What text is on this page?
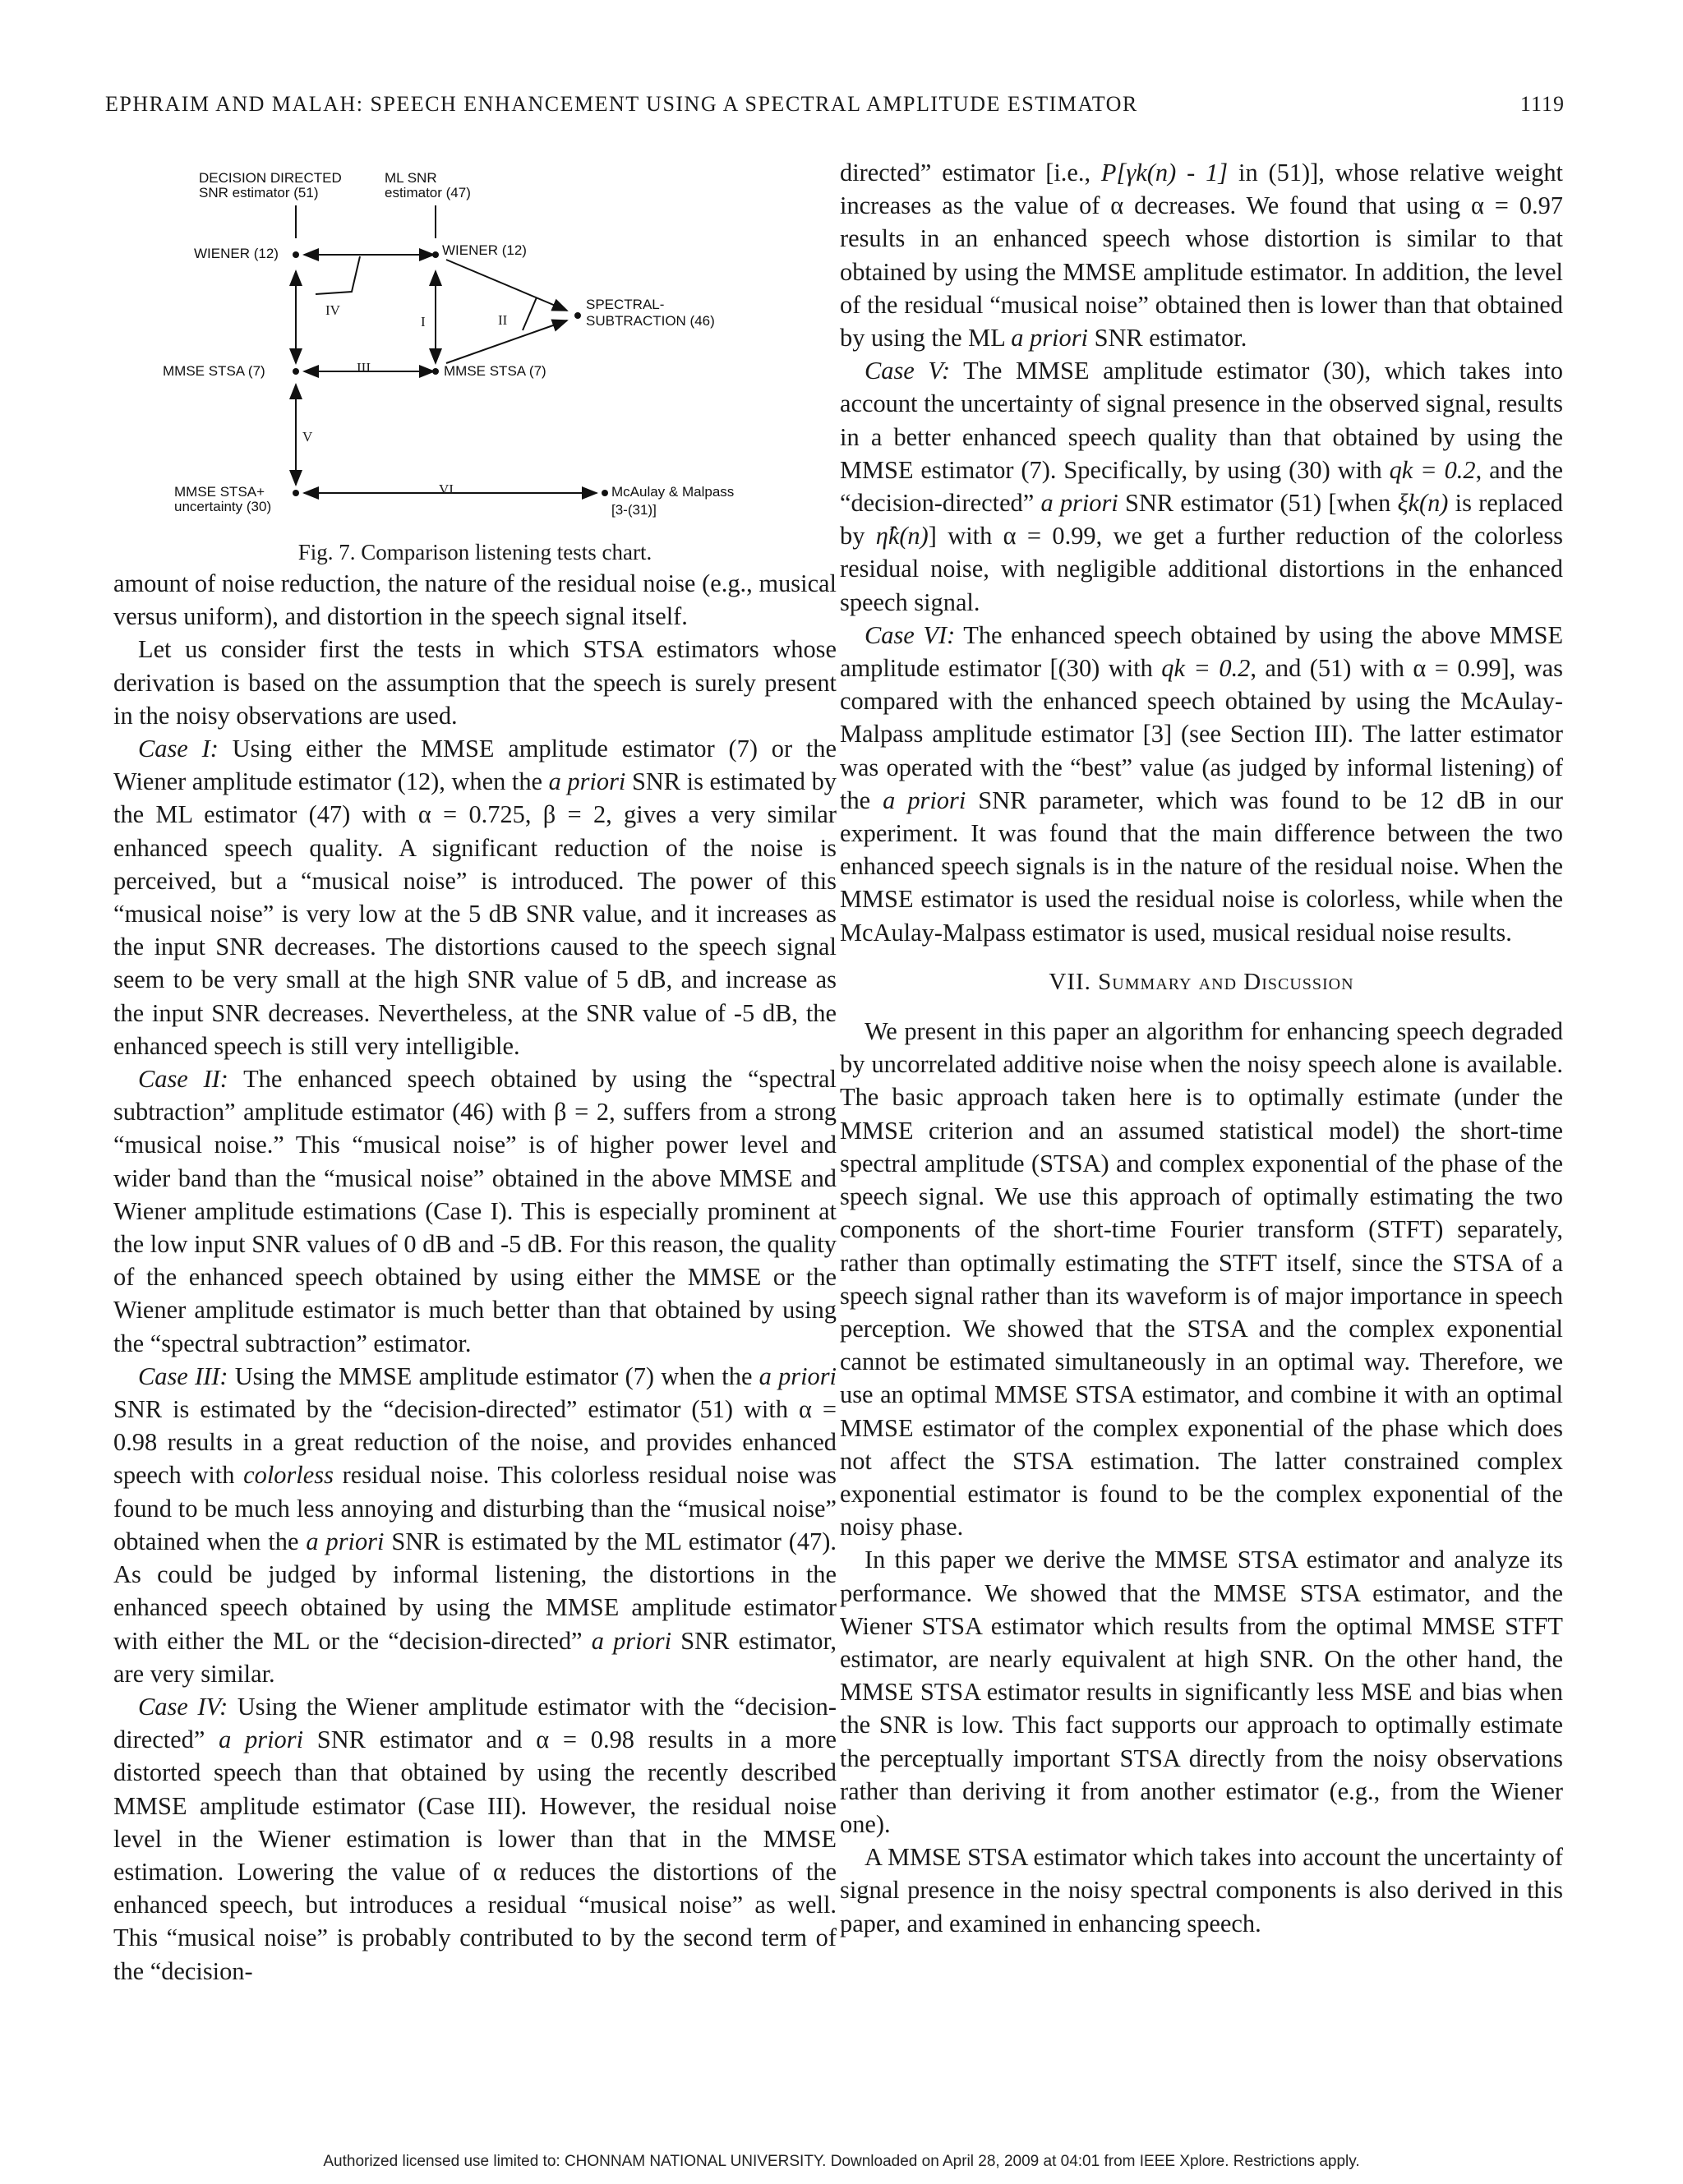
EPHRAIM AND MALAH: SPEECH ENHANCEMENT USING A SPECTRAL AMPLITUDE ESTIMATOR	1119
DECISION DIRECTED
SNR estimator (51)
ML SNR
estimator (47)
WIENER (12)	WIENER (12)
SPECTRAL-
SUBTRACTION (46)
MMSE STSA (7)	MMSE STSA (7)
MMSE STSA+
uncertainty (30)
McAulay & Malpass
[3-(31)]
I	II
III
IV
V
VI
Fig. 7. Comparison listening tests chart.

amount of noise reduction, the nature of the residual noise (e.g., musical versus uniform), and distortion in the speech signal itself.

Let us consider first the tests in which STSA estimators whose derivation is based on the assumption that the speech is surely present in the noisy observations are used.

Case I: Using either the MMSE amplitude estimator (7) or the Wiener amplitude estimator (12), when the a priori SNR is estimated by the ML estimator (47) with α = 0.725, β = 2, gives a very similar enhanced speech quality. A significant reduction of the noise is perceived, but a “musical noise” is introduced. The power of this “musical noise” is very low at the 5 dB SNR value, and it increases as the input SNR decreases. The distortions caused to the speech signal seem to be very small at the high SNR value of 5 dB, and increase as the input SNR decreases. Nevertheless, at the SNR value of -5 dB, the enhanced speech is still very intelligible.

Case II: The enhanced speech obtained by using the “spectral subtraction” amplitude estimator (46) with β = 2, suffers from a strong “musical noise.” This “musical noise” is of higher power level and wider band than the “musical noise” obtained in the above MMSE and Wiener amplitude estimations (Case I). This is especially prominent at the low input SNR values of 0 dB and -5 dB. For this reason, the quality of the enhanced speech obtained by using either the MMSE or the Wiener amplitude estimator is much better than that obtained by using the “spectral subtraction” estimator.

Case III: Using the MMSE amplitude estimator (7) when the a priori SNR is estimated by the “decision-directed” estimator (51) with α = 0.98 results in a great reduction of the noise, and provides enhanced speech with colorless residual noise. This colorless residual noise was found to be much less annoying and disturbing than the “musical noise” obtained when the a priori SNR is estimated by the ML estimator (47). As could be judged by informal listening, the distortions in the enhanced speech obtained by using the MMSE amplitude estimator with either the ML or the “decision-directed” a priori SNR estimator, are very similar.

Case IV: Using the Wiener amplitude estimator with the “decision-directed” a priori SNR estimator and α = 0.98 results in a more distorted speech than that obtained by using the recently described MMSE amplitude estimator (Case III). However, the residual noise level in the Wiener estimation is lower than that in the MMSE estimation. Lowering the value of α reduces the distortions of the enhanced speech, but introduces a residual “musical noise” as well. This “musical noise” is probably contributed to by the second term of the “decision-

directed” estimator [i.e., P[γk(n) - 1] in (51)], whose relative weight increases as the value of α decreases. We found that using α = 0.97 results in an enhanced speech whose distortion is similar to that obtained by using the MMSE amplitude estimator. In addition, the level of the residual “musical noise” obtained then is lower than that obtained by using the ML a priori SNR estimator.

Case V: The MMSE amplitude estimator (30), which takes into account the uncertainty of signal presence in the observed signal, results in a better enhanced speech quality than that obtained by using the MMSE estimator (7). Specifically, by using (30) with qk = 0.2, and the “decision-directed” a priori SNR estimator (51) [when ξk(n) is replaced by η̂k(n)] with α = 0.99, we get a further reduction of the colorless residual noise, with negligible additional distortions in the enhanced speech signal.

Case VI: The enhanced speech obtained by using the above MMSE amplitude estimator [(30) with qk = 0.2, and (51) with α = 0.99], was compared with the enhanced speech obtained by using the McAulay-Malpass amplitude estimator [3] (see Section III). The latter estimator was operated with the “best” value (as judged by informal listening) of the a priori SNR parameter, which was found to be 12 dB in our experiment. It was found that the main difference between the two enhanced speech signals is in the nature of the residual noise. When the MMSE estimator is used the residual noise is colorless, while when the McAulay-Malpass estimator is used, musical residual noise results.

VII. Summary and Discussion

We present in this paper an algorithm for enhancing speech degraded by uncorrelated additive noise when the noisy speech alone is available. The basic approach taken here is to optimally estimate (under the MMSE criterion and an assumed statistical model) the short-time spectral amplitude (STSA) and complex exponential of the phase of the speech signal. We use this approach of optimally estimating the two components of the short-time Fourier transform (STFT) separately, rather than optimally estimating the STFT itself, since the STSA of a speech signal rather than its waveform is of major importance in speech perception. We showed that the STSA and the complex exponential cannot be estimated simultaneously in an optimal way. Therefore, we use an optimal MMSE STSA estimator, and combine it with an optimal MMSE estimator of the complex exponential of the phase which does not affect the STSA estimation. The latter constrained complex exponential estimator is found to be the complex exponential of the noisy phase.

In this paper we derive the MMSE STSA estimator and analyze its performance. We showed that the MMSE STSA estimator, and the Wiener STSA estimator which results from the optimal MMSE STFT estimator, are nearly equivalent at high SNR. On the other hand, the MMSE STSA estimator results in significantly less MSE and bias when the SNR is low. This fact supports our approach to optimally estimate the perceptually important STSA directly from the noisy observations rather than deriving it from another estimator (e.g., from the Wiener one).

A MMSE STSA estimator which takes into account the uncertainty of signal presence in the noisy spectral components is also derived in this paper, and examined in enhancing speech.

Authorized licensed use limited to: CHONNAM NATIONAL UNIVERSITY. Downloaded on April 28, 2009 at 04:01 from IEEE Xplore. Restrictions apply.
